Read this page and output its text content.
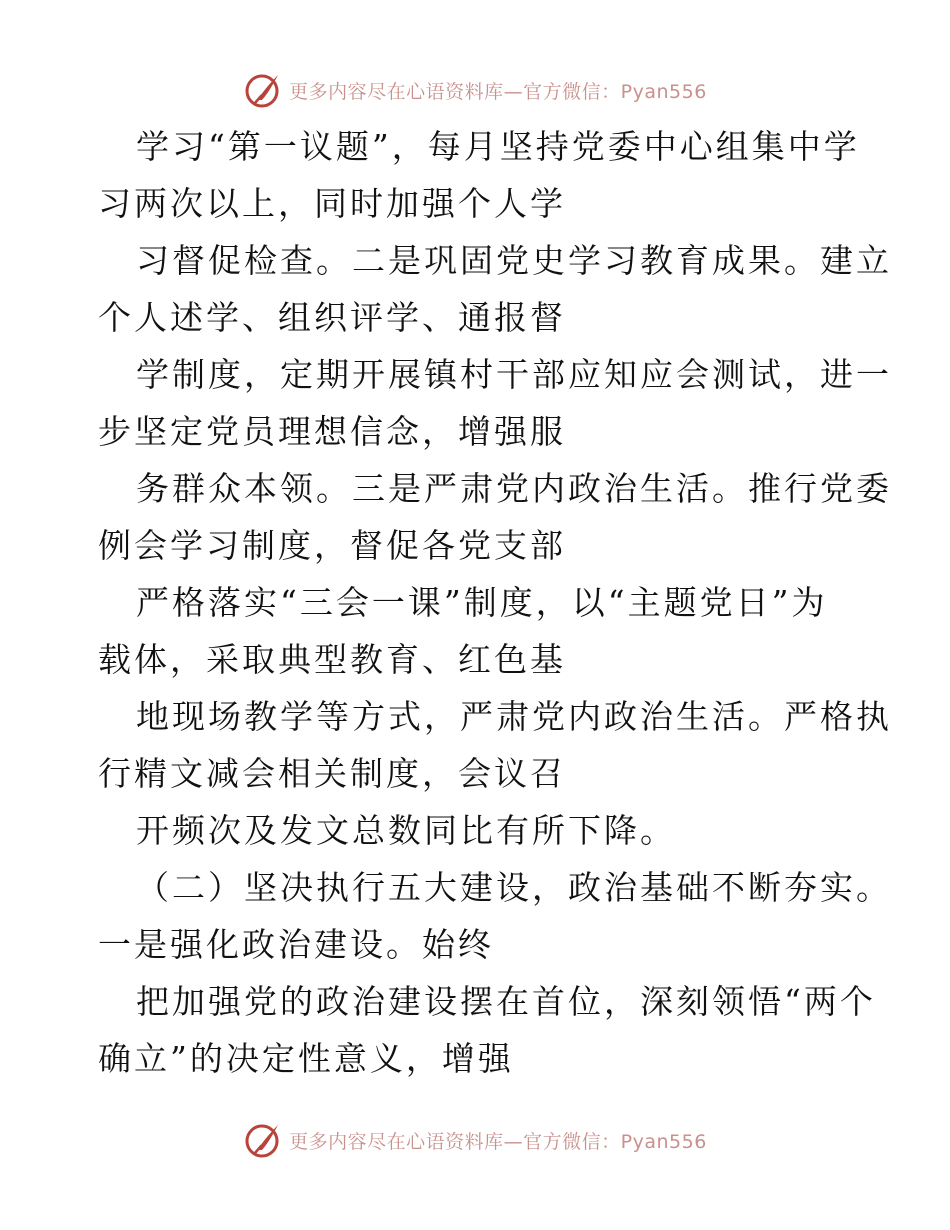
更多内容尽在心语资料库—官方微信：Pyan556
学习“第一议题”，每月坚持党委中心组集中学
习两次以上，同时加强个人学
习督促检查。二是巩固党史学习教育成果。建立
个人述学、组织评学、通报督
学制度，定期开展镇村干部应知应会测试，进一
步坚定党员理想信念，增强服
务群众本领。三是严肃党内政治生活。推行党委
例会学习制度，督促各党支部
严格落实“三会一课”制度，以“主题党日”为
载体，采取典型教育、红色基
地现场教学等方式，严肃党内政治生活。严格执
行精文减会相关制度，会议召
开频次及发文总数同比有所下降。
（二）坚决执行五大建设，政治基础不断夯实。
一是强化政治建设。始终
把加强党的政治建设摆在首位，深刻领悟“两个
确立”的决定性意义，增强
更多内容尽在心语资料库—官方微信：Pyan556
